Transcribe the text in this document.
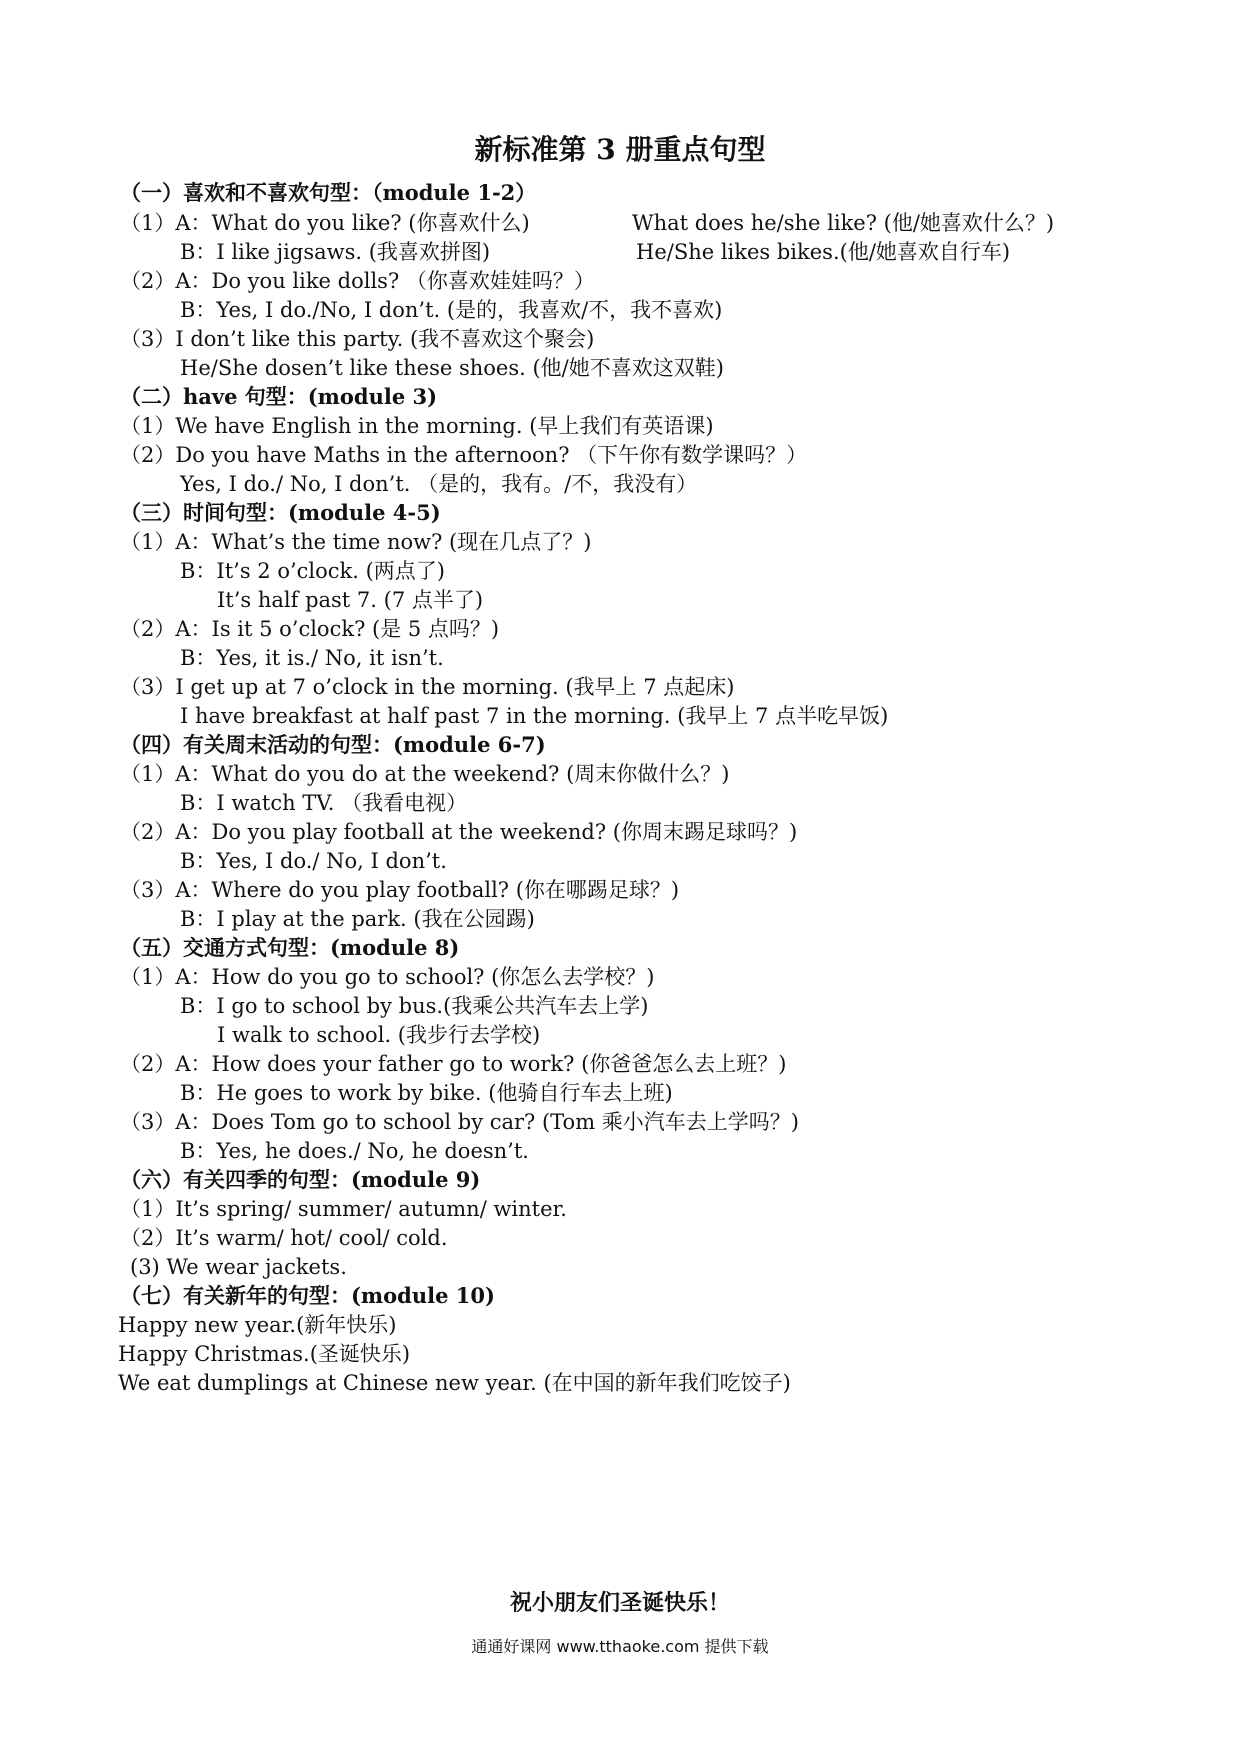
新标准第 3 册重点句型
（一）喜欢和不喜欢句型：（module 1-2）
（1）A：What do you like? (你喜欢什么)	What does he/she like? (他/她喜欢什么？)
B：I like jigsaws. (我喜欢拼图)	He/She likes bikes.(他/她喜欢自行车)
（2）A：Do you like dolls? （你喜欢娃娃吗？）
B：Yes, I do./No, I don’t. (是的，我喜欢/不，我不喜欢)
（3）I don’t like this party. (我不喜欢这个聚会)
He/She dosen’t like these shoes. (他/她不喜欢这双鞋)
（二）have 句型：(module 3)
（1）We have English in the morning. (早上我们有英语课)
（2）Do you have Maths in the afternoon? （下午你有数学课吗？）
Yes, I do./ No, I don’t. （是的，我有。/不，我没有）
（三）时间句型：(module 4-5)
（1）A：What’s the time now? (现在几点了？)
B：It’s 2 o’clock. (两点了)
It’s half past 7. (7 点半了)
（2）A：Is it 5 o’clock? (是 5 点吗？)
B：Yes, it is./ No, it isn’t.
（3）I get up at 7 o’clock in the morning. (我早上 7 点起床)
I have breakfast at half past 7 in the morning. (我早上 7 点半吃早饭)
（四）有关周末活动的句型：(module 6-7)
（1）A：What do you do at the weekend? (周末你做什么？)
B：I watch TV. （我看电视）
（2）A：Do you play football at the weekend? (你周末踢足球吗？)
B：Yes, I do./ No, I don’t.
（3）A：Where do you play football? (你在哪踢足球？)
B：I play at the park. (我在公园踢)
（五）交通方式句型：(module 8)
（1）A：How do you go to school? (你怎么去学校？)
B：I go to school by bus.(我乘公共汽车去上学)
I walk to school. (我步行去学校)
（2）A：How does your father go to work? (你爸爸怎么去上班？)
B：He goes to work by bike. (他骑自行车去上班)
（3）A：Does Tom go to school by car? (Tom 乘小汽车去上学吗？)
B：Yes, he does./ No, he doesn’t.
（六）有关四季的句型：(module 9)
（1）It’s spring/ summer/ autumn/ winter.
（2）It’s warm/ hot/ cool/ cold.
(3) We wear jackets.
（七）有关新年的句型：(module 10)
Happy new year.(新年快乐)
Happy Christmas.(圣诞快乐)
We eat dumplings at Chinese new year. (在中国的新年我们吃饺子)
祝小朋友们圣诞快乐！
通通好课网 www.tthaoke.com 提供下载
